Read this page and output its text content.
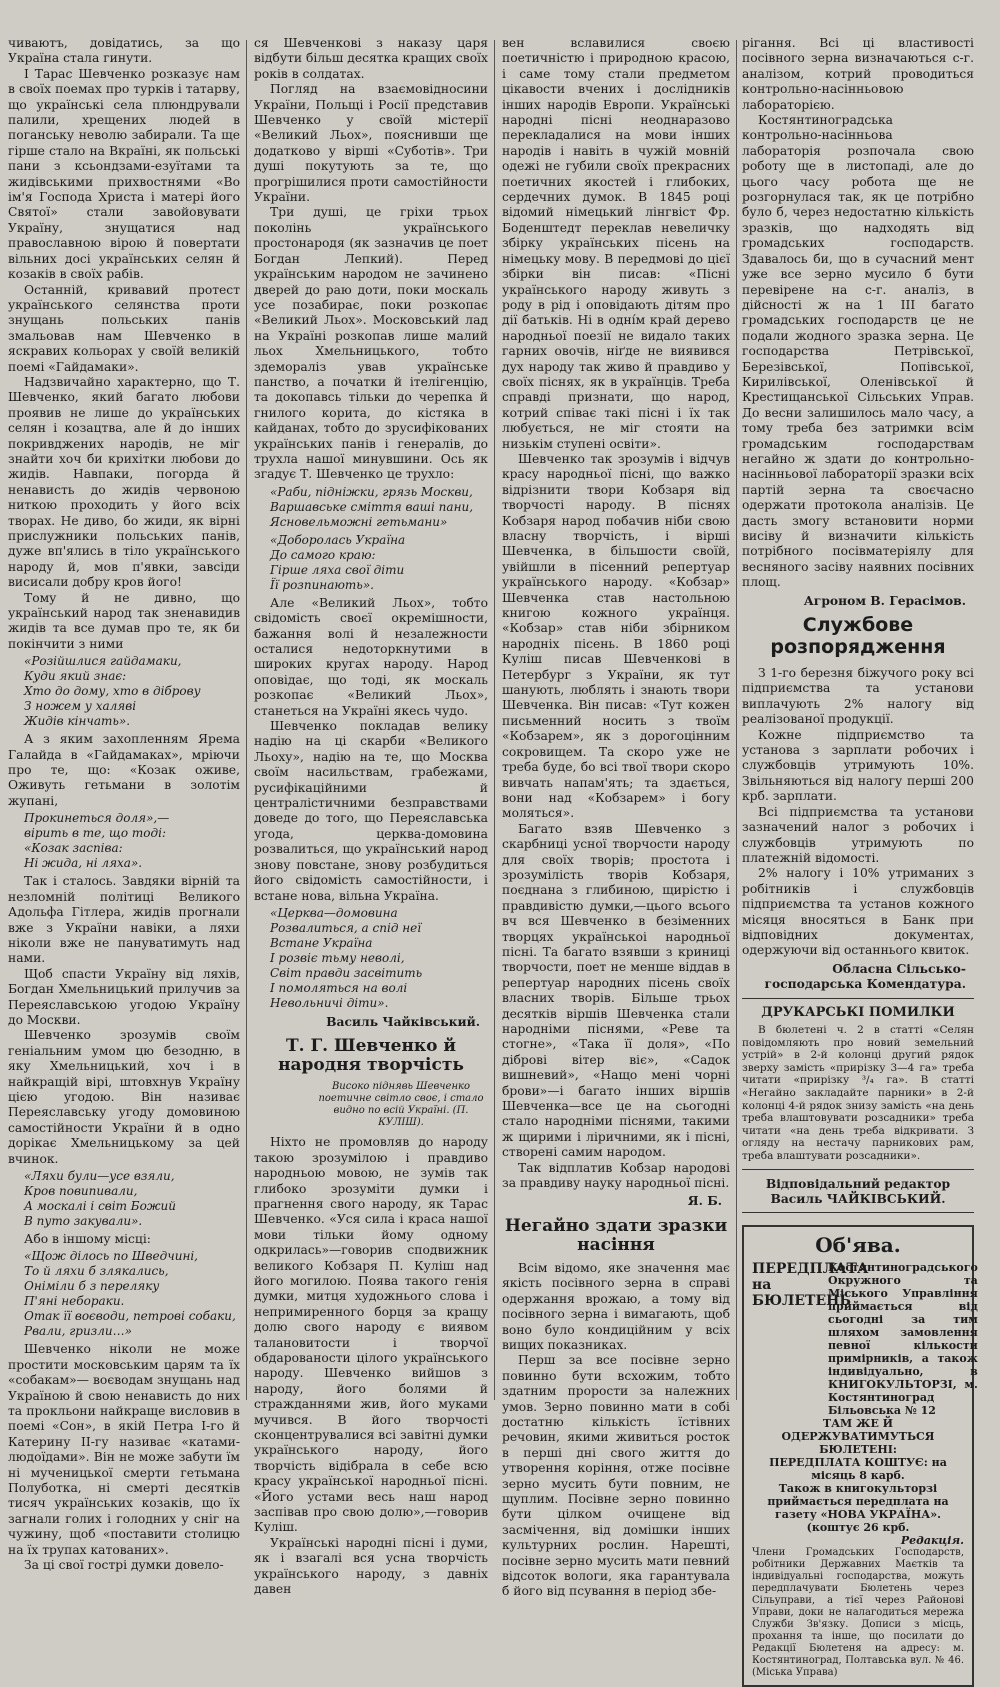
чиваютъ, довідатись, за що Україна стала гинути.

І Тарас Шевченко розказує нам в своїх поемах про турків і татарву, що українські села плюндрували палили, хрещених людей в поганську неволю забирали. Та ще гірше стало на Вкраїні, як польські пани з ксьондзами-езуїтами та жидівськими прихвостнями «Во ім'я Господа Христа і матері його Святої» стали завойовувати Україну, знущатися над православною вірою й повертати вільних досі українських селян й козаків в своїх рабів.

Останній, кривавий протест українського селянства проти знущань польських панів змальовав нам Шевченко в яскравих кольорах у своїй великій поемі «Гайдамаки».

Надзвичайно характерно, що Т. Шевченко, який багато любови проявив не лише до українських селян і козацтва, але й до інших покривджених народів, не міг знайти хоч би крихітки любови до жидів. Навпаки, погорда й ненависть до жидів червоною ниткою проходить у його всіх творах. Не диво, бо жиди, як вірні прислужники польських панів, дуже вп'ялись в тіло українського народу й, мов п'явки, завсіди висисали добру кров його!

Тому й не дивно, що український народ так зненавидив жидів та все думав про те, як би покінчити з ними

«Розійшлися гайдамаки,
Куди який знає:
Хто до дому, хто в діброву
З ножем у халяві
Жидів кінчать».

А з яким захопленням Ярема Галайда в «Гайдамаках», мріючи про те, що: «Козак оживе, Оживуть гетьмани в золотім жупані,

Прокинеться доля»,—
вірить в те, що тоді:
«Козак заспіва:
Ні жида, ні ляха».

Так і сталось. Завдяки вірній та незломній політиці Великого Адольфа Гітлера, жидів прогнали вже з України навіки, а ляхи ніколи вже не пануватимуть над нами.

Щоб спасти Україну від ляхів, Богдан Хмельницький прилучив за Переяславською угодою Україну до Москви.

Шевченко зрозумів своїм геніальним умом цю безодню, в яку Хмельницький, хоч і в найкращій вірі, штовхнув Україну цією угодою. Він називає Переяславську угоду домовиною самостійности України й в одно дорікає Хмельницькому за цей вчинок.

«Ляхи були—усе взяли,
Кров повипивали,
А москалі і світ Божий
В путо закували».

Або в іншому місці:

«Щож ділось по Шведчині,
То й ляхи б злякались,
Оніміли б з переляку
П'яні небораки.
Отак її воєводи, петрові собаки,
Рвали, гризли…»

Шевченко ніколи не може простити московським царям та їх «собакам»— воєводам знущань над Україною й свою ненависть до них та прокльони найкраще висловив в поемі «Сон», в якій Петра І-го й Катерину ІІ-гу називає «катами-людоїдами». Він не може забути їм ні мученицької смерти гетьмана Полуботка, ні смерті десятків тисяч українських козаків, що їх загнали голих і голодних у сніг на чужину, щоб «поставити столицю на їх трупах катованих».

За ці свої гострі думки довело-

ся Шевченкові з наказу царя відбути більш десятка кращих своїх років в солдатах.

Погляд на взаємовідносини України, Польщі і Росії представив Шевченко у своїй містерії «Великий Льох», пояснивши ще додатково у вірші «Суботів». Три душі покутують за те, що прогрішилися проти самостійности України.

Три душі, це гріхи трьох поколінь українського простонародя (як зазначив це поет Богдан Лепкий). Перед українським народом не зачинено дверей до раю доти, поки москаль усе позабирає, поки розкопає «Великий Льох». Московський лад на Україні розкопав лише малий льох Хмельницького, тобто здемораліз ував українське панство, а початки й ітелігенцію, та докопавсь тільки до черепка й гнилого корита, до кістяка в кайданах, тобто до зрусифікованих українських панів і генералів, до трухла нашої минувшини. Ось як згадує Т. Шевченко це трухло:

«Раби, підніжки, грязь Москви,
Варшавське сміття ваші пани,
Ясновельможні гетьмани»
«Доборолась Україна
До самого краю:
Гірше ляха свої діти
Її розпинають».

Але «Великий Льох», тобто свідомість своєї окремішности, бажання волі й незалежности осталися недоторкнутими в широких кругах народу. Народ оповідає, що тоді, як москаль розкопає «Великий Льох», станеться на Україні якесь чудо.

Шевченко покладав велику надію на ці скарби «Великого Льоху», надію на те, що Москва своїм насильствам, грабежами, русифікаційними й централістичними безправствами доведе до того, що Переяславська угода, церква-домовина розвалиться, що український народ знову повстане, знову розбудиться його свідомість самостійности, і встане нова, вільна Україна.

«Церква—домовина
Розвалиться, а спід неї
Встане Україна
І розвіє тьму неволі,
Світ правди засвітить
І помоляться на волі
Невольничі діти».
Василь Чайківський.
Т. Г. Шевченко й народня творчість
Високо піднявь Шевченко поетичне світло своє, і стало видно по всій Україні. (П. КУЛІШ).

Ніхто не промовляв до народу такою зрозумілою і правдиво народньою мовою, не зумів так глибоко зрозуміти думки і прагнення свого народу, як Тарас Шевченко. «Уся сила і краса нашої мови тільки йому одному одкрилась»—говорив сподвижник великого Кобзаря П. Куліш над його могилою. Поява такого генія думки, митця художнього слова і непримиренного борця за кращу долю свого народу є виявом талановитости і творчої обдарованости цілого українського народу. Шевченко вийшов з народу, його болями й стражданнями жив, його муками мучився. В його творчості сконцентрувалися всі завітні думки українського народу, його творчість відібрала в себе всю красу української народньої пісні. «Його устами весь наш народ заспівав про свою долю»,—говорив Куліш.

Українські народні пісні і думи, як і взагалі вся усна творчість українського народу, з давніх давен

вен вславилися своєю поетичністю і природною красою, і саме тому стали предметом цікавости вчених і дослідників інших народів Европи. Українські народні пісні неоднаразово перекладалися на мови інших народів і навіть в чужій мовній одежі не губили своїх прекрасних поетичних якостей і глибоких, сердечних думок. В 1845 році відомий німецький лінгвіст Фр. Боденштедт переклав невеличку збірку українських пісень на німецьку мову. В передмові до цієї збірки він писав: «Пісні українського народу живуть з роду в рід і оповідають дітям про дії батьків. Ні в одні́м край дерево народньої поезії не видало таких гарних овочів, ніґде не виявився дух народу так живо й правдиво у своїх піснях, як в українців. Треба справді признати, що народ, котрий співає такі пісні і їх так любується, не міг стояти на низькім ступені освіти».

Шевченко так зрозумів і відчув красу народньої пісні, що важко відрізнити твори Кобзаря від творчості народу. В піснях Кобзаря народ побачив ніби свою власну творчість, і вірші Шевченка, в більшости своїй, увійшли в пісенний репертуар українського народу. «Кобзар» Шевченка став настольною книгою кожного українця. «Кобзар» став ніби збірником народніх пісень. В 1860 році Куліш писав Шевченкові в Петербург з України, як тут шанують, люблять і знають твори Шевченка. Він писав: «Тут кожен письменний носить з твоїм «Кобзарем», як з дорогоцінним сокровищем. Та скоро уже не треба буде, бо всі твої твори скоро вивчать напам'ять; та здається, вони над «Кобзарем» і богу моляться».

Багато взяв Шевченко з скарбниці усної творчости народу для своїх творів; простота і зрозумілість творів Кобзаря, поєднана з глибиною, щирістю і правдивістю думки,—цього всього вч вся Шевченко в безіменних творцях українськоі народньої пісні. Та багато взявши з криниці творчости, поет не менше віддав в репертуар народних пісень своїх власних творів. Більше трьох десятків віршів Шевченка стали народніми піснями, «Реве та стогне», «Така її доля», «По діброві вітер віє», «Садок вишневий», «Нащо мені чорні брови»—і багато інших віршів Шевченка—все це на сьогодні стало народніми піснями, такими ж щирими і ліричними, як і пісні, створені самим народом.

Так відплатив Кобзар народові за правдиву науку народньої пісні.

Я. Б.
Негайно здати зразки насіння

Всім відомо, яке значення має якість посівного зерна в справі одержання врожаю, а тому від посівного зерна і вимагають, щоб воно було кондиційним у всіх вищих показниках.

Перш за все посівне зерно повинно бути всхожим, тобто здатним прорости за належних умов. Зерно повинно мати в собі достатню кількість їстівних речовин, якими живиться росток в перші дні свого життя до утворення коріння, отже посівне зерно мусить бути повним, не щуплим. Посівне зерно повинно бути цілком очищене від засмічення, від домішки інших культурних рослин. Нарешті, посівне зерно мусить мати певний відсоток вологи, яка гарантувала б його від псування в період збе-

рігання. Всі ці властивості посівного зерна визначаються с-г. аналізом, котрий проводиться контрольно-насінньовою лабораторією.

Костянтиноградська контрольно-насінньова лабораторія розпочала свою роботу ще в листопаді, але до цього часу робота ще не розгорнулася так, як це потрібно було б, через недостатню кількість зразків, що надходять від громадських господарств. Здавалось би, що в сучасний мент уже все зерно мусило б бути перевірене на с-г. аналіз, в дійсності ж на 1 ІІІ багато громадських господарств це не подали жодного зразка зерна. Це господарства Петрівської, Березівської, Попівської, Кирилівської, Оленівської й Крестищанської Сільських Управ. До весни залишилось мало часу, а тому треба без затримки всім громадським господарствам негайно ж здати до контрольно-насінньової лабораторії зразки всіх партій зерна та своєчасно одержати протокола аналізів. Це дасть змогу встановити норми висіву й визначити кількість потрібного посівматеріялу для весняного засіву наявних посівних площ.

Агроном В. Герасімов.
Службове розпорядження

З 1-го березня біжучого року всі підприємства та установи виплачують 2% налогу від реалізованої продукції.

Кожне підприємство та установа з зарплати робочих і службовців утримують 10%. Звільняються від налогу перші 200 крб. зарплати.

Всі підприємства та установи зазначений налог з робочих і службовців утримують по платежній відомості.

2% налогу і 10% утриманих з робітників і службовців підприємства та установ кожного місяця вносяться в Банк при відповідних документах, одержуючи від останнього квиток.

Обласна Сільсько-господарська Комендатура.
ДРУКАРСЬКІ ПОМИЛКИ

В бюлетені ч. 2 в статті «Селян повідомляють про новий земельний устрій» в 2-й колонці другий рядок зверху замість «прирізку 3—4 га» треба читати «прирізку ³/₄ га». В статті «Негайно закладайте парники» в 2-й колонці 4-й рядок знизу замість «на день треба влаштовувати розсадники» треба читати «на день треба відкривати. З огляду на нестачу парникових рам, треба влаштувати розсадники».

Відповідальний редактор
Василь ЧАЙКІВСЬКИЙ.
Об'ява.
ПЕРЕДПЛАТА на БЮЛЕТЕНЬ
Костянтиноградського Окружного та Міського Управління приймається від сьогодні за тим шляхом замовлення певної кількости примірників, а також індивідуально, в КНИГОКУЛЬТОРЗІ, м. Костянтиноград Більовська № 12
ТАМ ЖЕ Й ОДЕРЖУВАТИМУТЬСЯ БЮЛЕТЕНІ:
ПЕРЕДПЛАТА КОШТУЄ: на місяць 8 карб.
Також в книгокульторзі приймається передплата на газету «НОВА УКРАЇНА». (коштує 26 крб.
Редакція.
Члени Громадських Господарств, робітники Державних Маєтків та індивідуальні господарства, можуть передплачувати Бюлетень через Сільуправи, а тієї через Районові Управи, доки не налагодиться мережа Служби Зв'язку. Дописи з місць, прохання та інше, що посилати до Редакції Бюлетеня на адресу: м. Костянтиноград, Полтавська вул. № 46. (Міська Управа)
